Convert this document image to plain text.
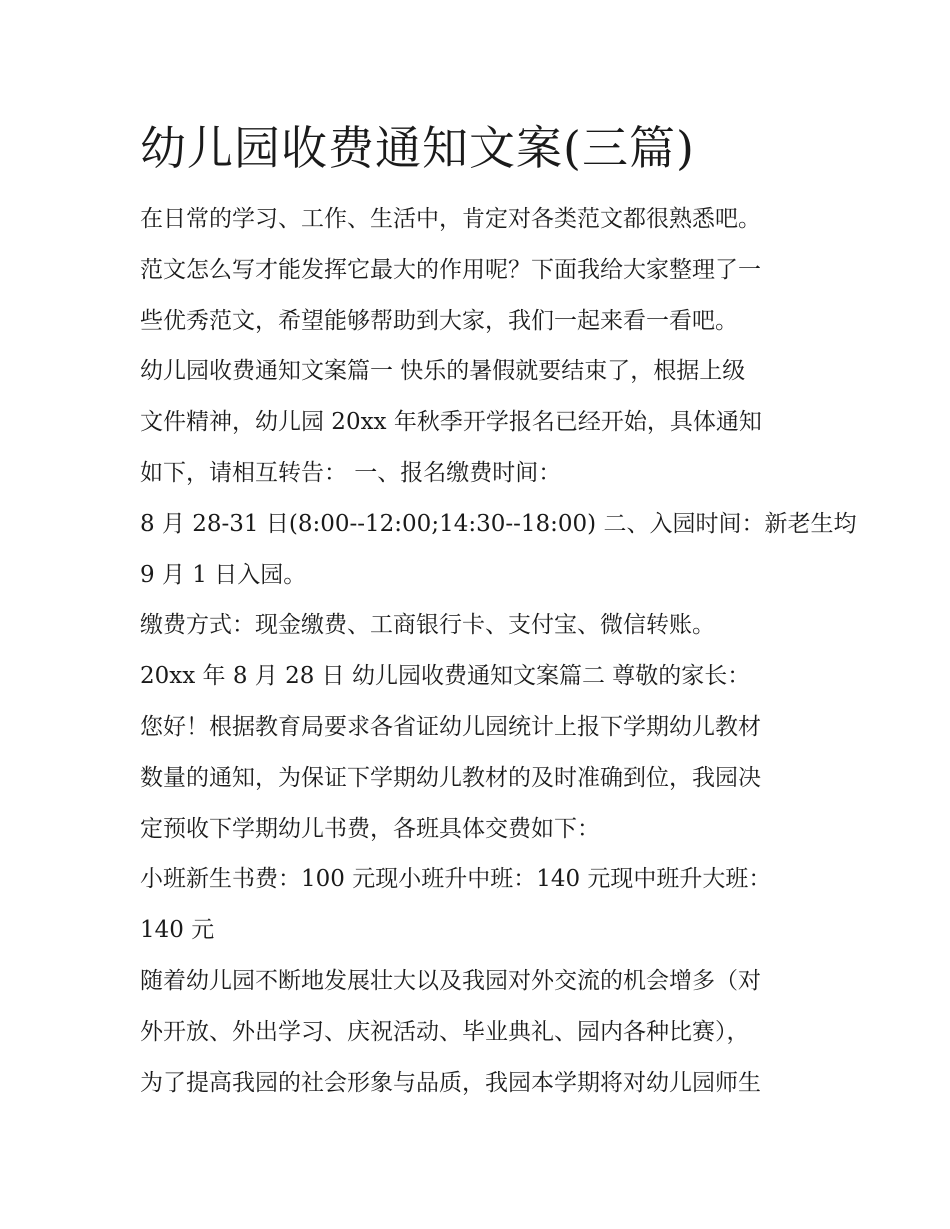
幼儿园收费通知文案(三篇)
在日常的学习、工作、生活中，肯定对各类范文都很熟悉吧。
范文怎么写才能发挥它最大的作用呢？下面我给大家整理了一
些优秀范文，希望能够帮助到大家，我们一起来看一看吧。
幼儿园收费通知文案篇一 快乐的暑假就要结束了，根据上级
文件精神，幼儿园 20xx 年秋季开学报名已经开始，具体通知
如下，请相互转告： 一、报名缴费时间：
8 月 28-31 日(8:00--12:00;14:30--18:00) 二、入园时间：新老生均
9 月 1 日入园。
缴费方式：现金缴费、工商银行卡、支付宝、微信转账。
20xx 年 8 月 28 日 幼儿园收费通知文案篇二 尊敬的家长：
您好！根据教育局要求各省证幼儿园统计上报下学期幼儿教材
数量的通知，为保证下学期幼儿教材的及时准确到位，我园决
定预收下学期幼儿书费，各班具体交费如下：
小班新生书费：100 元现小班升中班：140 元现中班升大班：
140 元
随着幼儿园不断地发展壮大以及我园对外交流的机会增多（对
外开放、外出学习、庆祝活动、毕业典礼、园内各种比赛），
为了提高我园的社会形象与品质，我园本学期将对幼儿园师生
